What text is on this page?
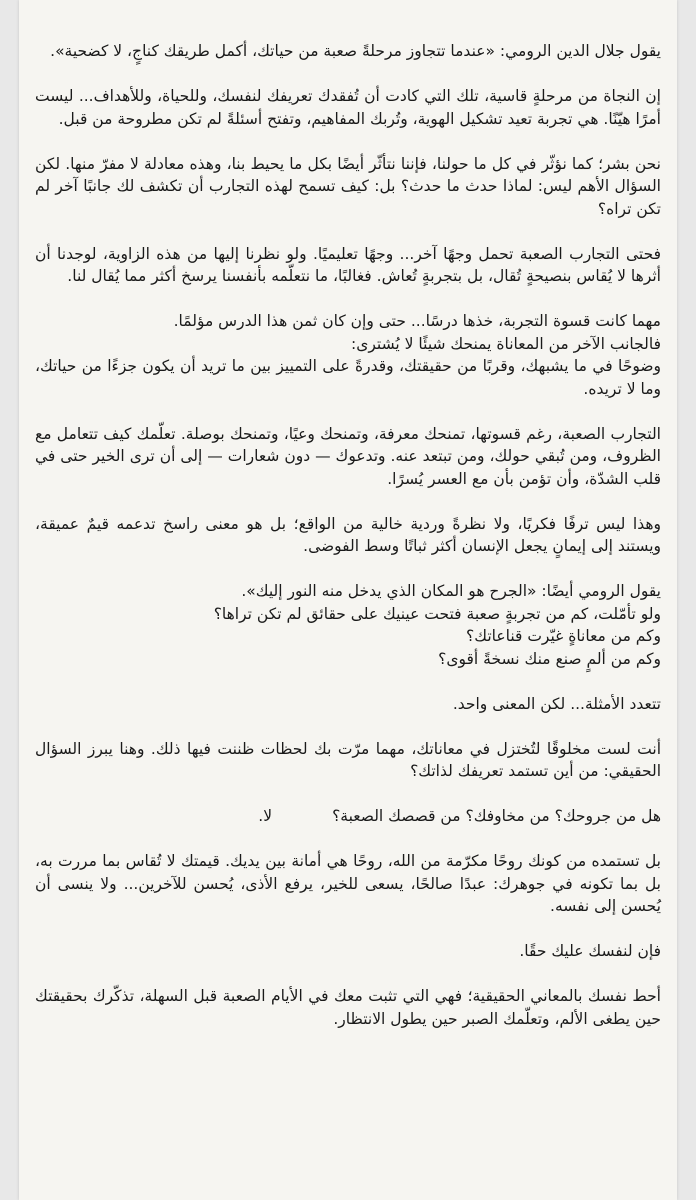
يقول جلال الدين الرومي: «عندما تتجاوز مرحلةً صعبة من حياتك، أكمل طريقك كناجٍ، لا كضحية».
إن النجاة من مرحلةٍ قاسية، تلك التي كادت أن تُفقدك تعريفك لنفسك، وللحياة، وللأهداف... ليست أمرًا هيّنًا. هي تجربة تعيد تشكيل الهوية، وتُربك المفاهيم، وتفتح أسئلةً لم تكن مطروحة من قبل.
نحن بشر؛ كما نؤثّر في كل ما حولنا، فإننا نتأثّر أيضًا بكل ما يحيط بنا، وهذه معادلة لا مفرّ منها. لكن السؤال الأهم ليس: لماذا حدث ما حدث؟ بل: كيف تسمح لهذه التجارب أن تكشف لك جانبًا آخر لم تكن تراه؟
فحتى التجارب الصعبة تحمل وجهًا آخر... وجهًا تعليميًا. ولو نظرنا إليها من هذه الزاوية، لوجدنا أن أثرها لا يُقاس بنصيحةٍ تُقال، بل بتجربةٍ تُعاش. فغالبًا، ما نتعلّمه بأنفسنا يرسخ أكثر مما يُقال لنا.
مهما كانت قسوة التجربة، خذها درسًا... حتى وإن كان ثمن هذا الدرس مؤلمًا.
فالجانب الآخر من المعاناة يمنحك شيئًا لا يُشترى:
وضوحًا في ما يشبهك، وقربًا من حقيقتك، وقدرةً على التمييز بين ما تريد أن يكون جزءًا من حياتك، وما لا تريده.
التجارب الصعبة، رغم قسوتها، تمنحك معرفة، وتمنحك وعيًا، وتمنحك بوصلة. تعلّمك كيف تتعامل مع الظروف، ومن تُبقي حولك، ومن تبتعد عنه. وتدعوك — دون شعارات — إلى أن ترى الخير حتى في قلب الشدّة، وأن تؤمن بأن مع العسر يُسرًا.
وهذا ليس ترفًا فكريًا، ولا نظرةً وردية خالية من الواقع؛ بل هو معنى راسخ تدعمه قيمٌ عميقة، ويستند إلى إيمانٍ يجعل الإنسان أكثر ثباتًا وسط الفوضى.
يقول الرومي أيضًا: «الجرح هو المكان الذي يدخل منه النور إليك».
ولو تأمّلت، كم من تجربةٍ صعبة فتحت عينيك على حقائق لم تكن تراها؟
وكم من معاناةٍ غيّرت قناعاتك؟
وكم من ألمٍ صنع منك نسخةً أقوى؟
تتعدد الأمثلة... لكن المعنى واحد.
أنت لست مخلوقًا لتُختزل في معاناتك، مهما مرّت بك لحظات ظننت فيها ذلك. وهنا يبرز السؤال الحقيقي: من أين تستمد تعريفك لذاتك؟
هل من جروحك؟ من مخاوفك؟ من قصصك الصعبة؟لا.
بل تستمده من كونك روحًا مكرّمة من الله، روحًا هي أمانة بين يديك. قيمتك لا تُقاس بما مررت به، بل بما تكونه في جوهرك: عبدًا صالحًا، يسعى للخير، يرفع الأذى، يُحسن للآخرين... ولا ينسى أن يُحسن إلى نفسه.
فإن لنفسك عليك حقًا.
أحط نفسك بالمعاني الحقيقية؛ فهي التي تثبت معك في الأيام الصعبة قبل السهلة، تذكّرك بحقيقتك حين يطغى الألم، وتعلّمك الصبر حين يطول الانتظار.
